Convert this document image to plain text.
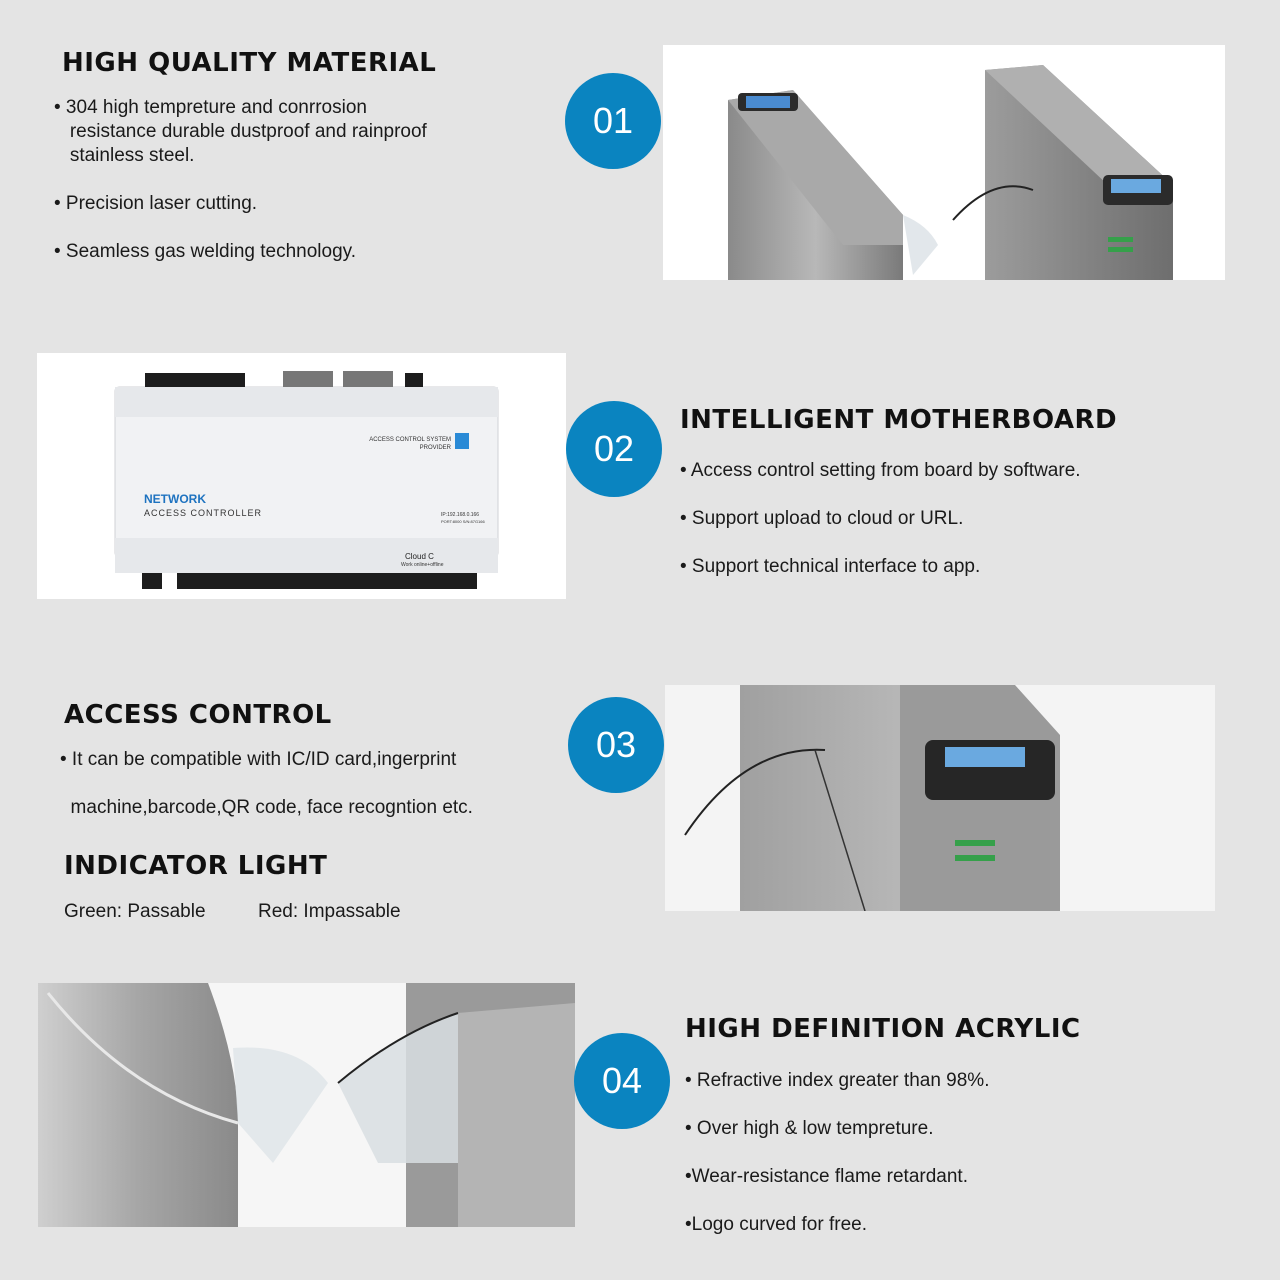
HIGH QUALITY MATERIAL
• 304 high tempreture and conrrosion
resistance durable dustproof and rainproof
stainless steel.
• Precision laser cutting.
• Seamless gas welding technology.
01
ACCESS CONTROL SYSTEM
PROVIDER
NETWORK
ACCESS CONTROLLER	IP:192.168.0.166
PORT:8000 S/N:87G166
Cloud C
Work online+offline
02
INTELLIGENT MOTHERBOARD
• Access control setting from board by software.
• Support upload to cloud or URL.
• Support technical interface to app.
ACCESS CONTROL
• It can be compatible with IC/ID card,ingerprint
machine,barcode,QR code, face recogntion etc.
INDICATOR LIGHT
Green: Passable	Red: Impassable
03
04
HIGH DEFINITION ACRYLIC
• Refractive index greater than 98%.
• Over high & low tempreture.
•Wear-resistance flame retardant.
•Logo curved for free.
